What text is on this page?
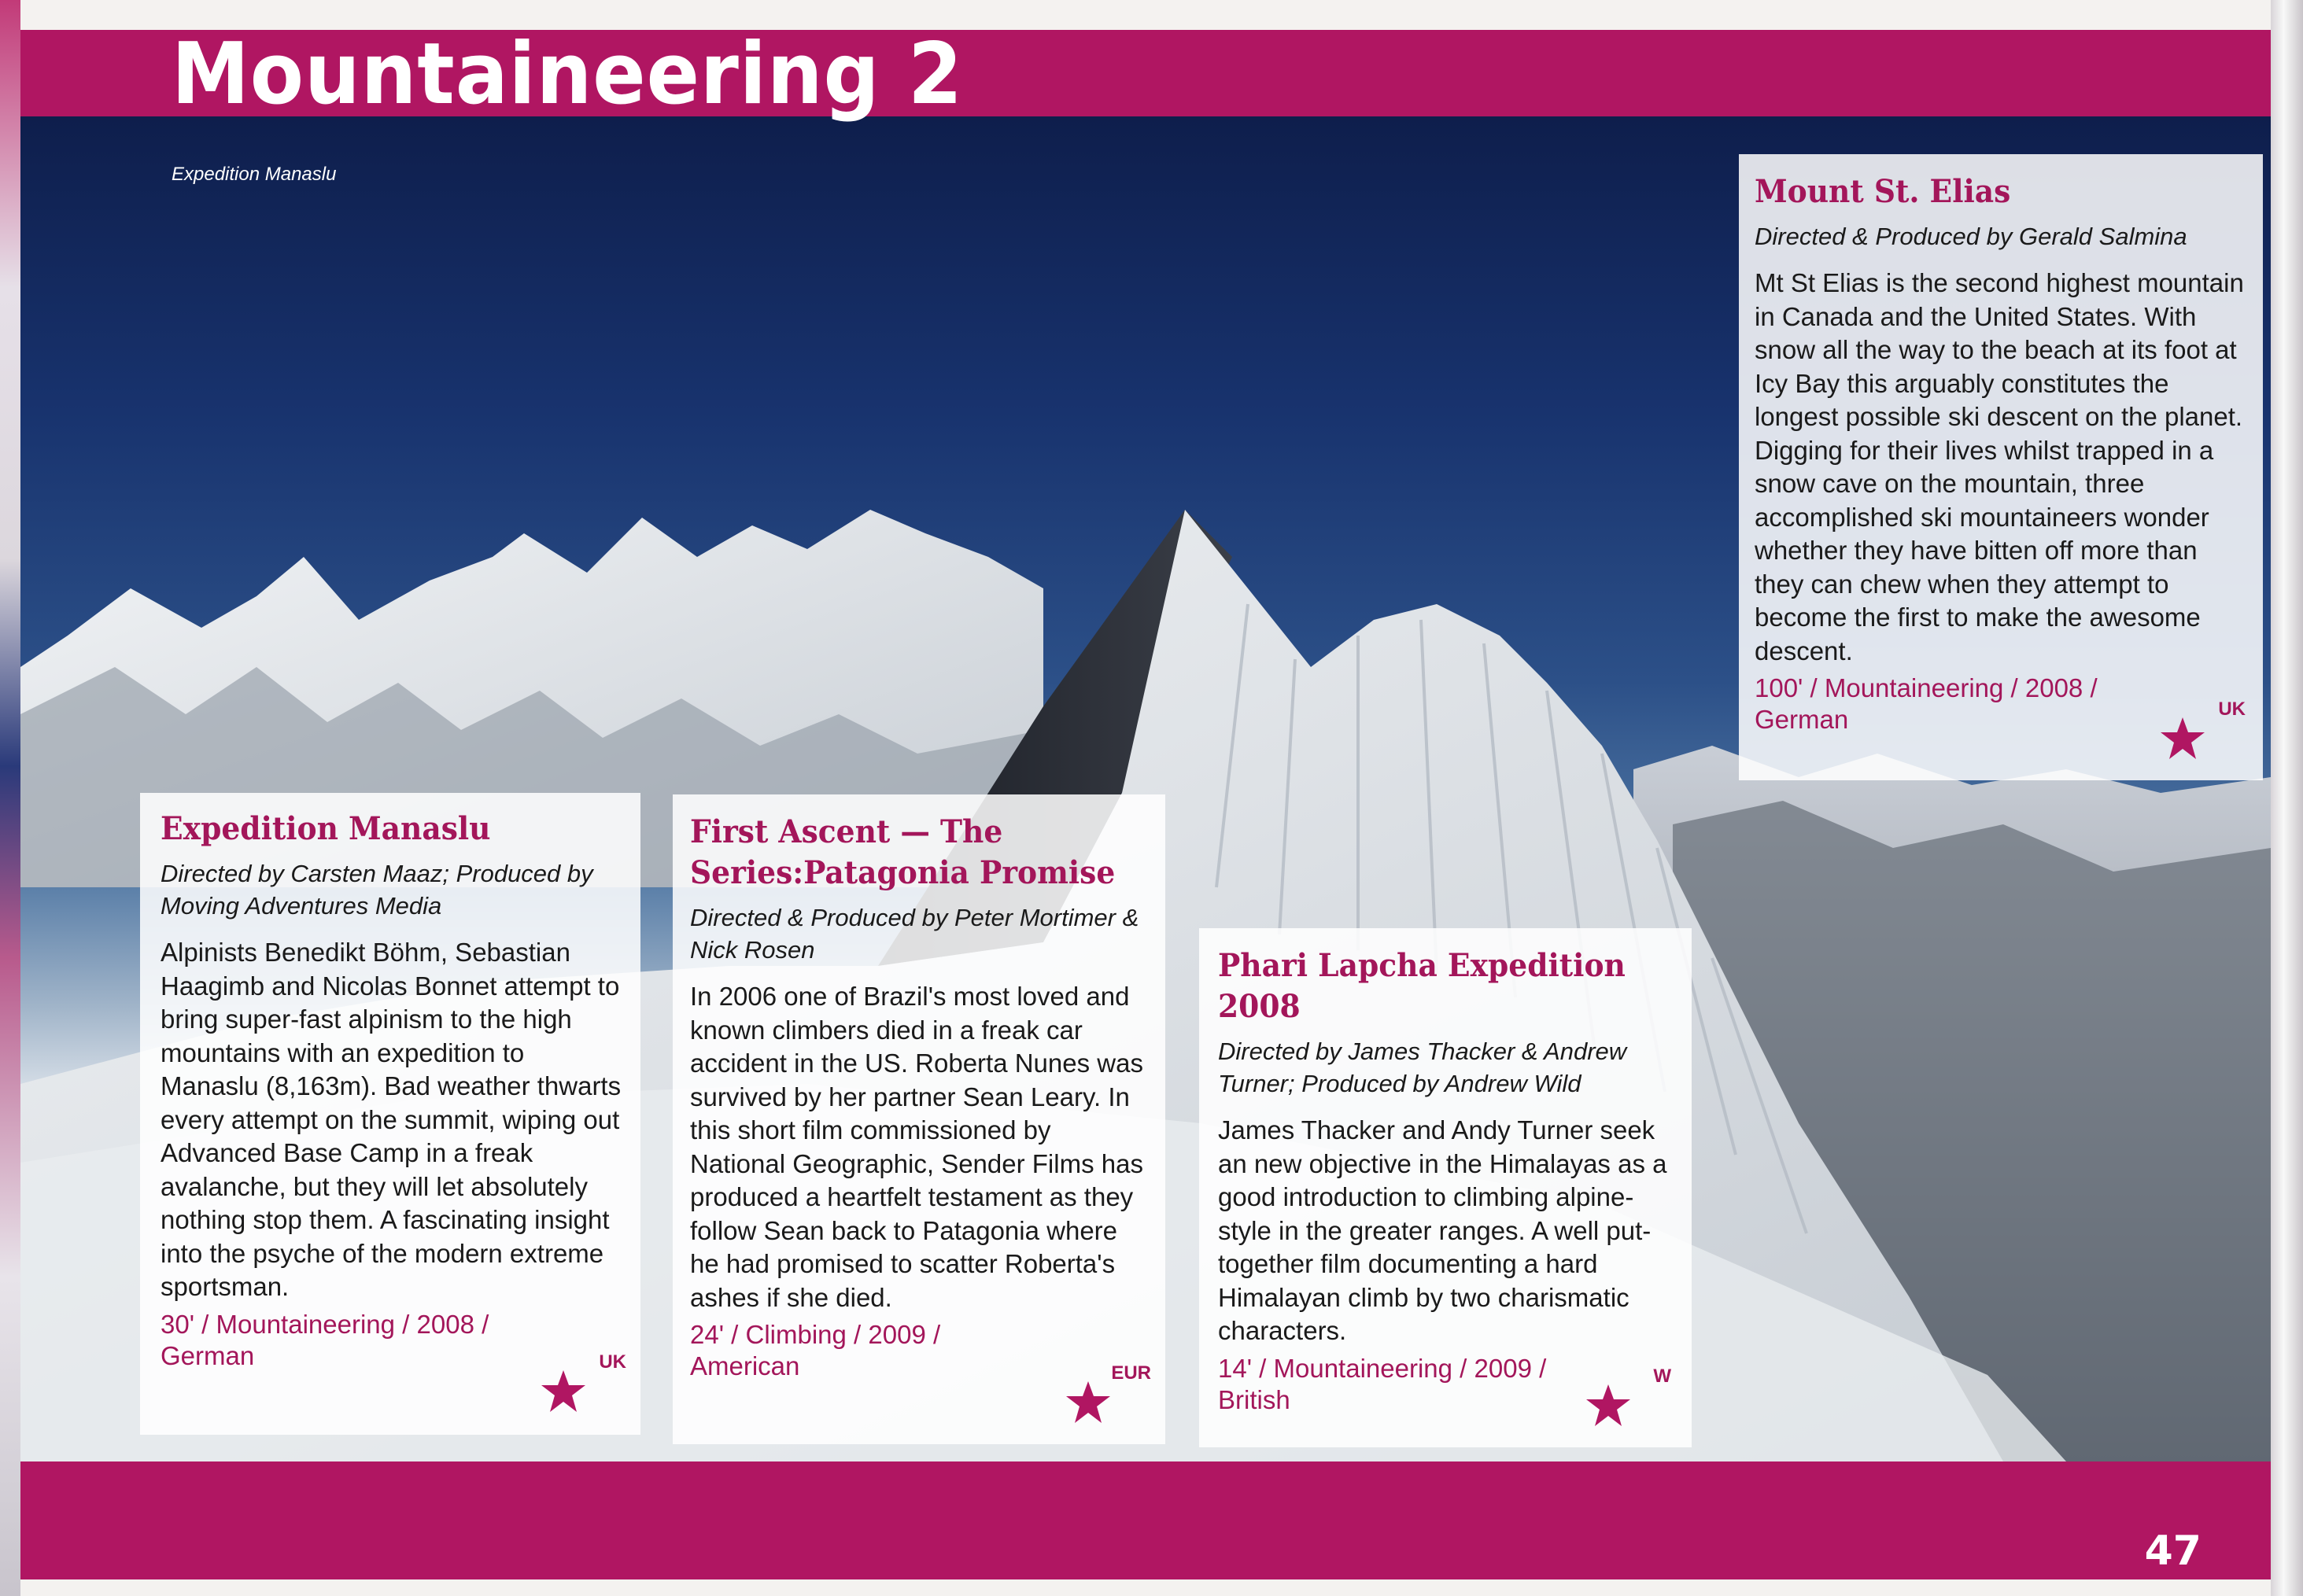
Expedition Manaslu
Mountaineering 2
47
Mount St. Elias
Directed & Produced by Gerald Salmina
Mt St Elias is the second highest mountain in Canada and the United States. With snow all the way to the beach at its foot at Icy Bay this arguably constitutes the longest possible ski descent on the planet. Digging for their lives whilst trapped in a snow cave on the mountain, three accomplished ski mountaineers wonder whether they have bitten off more than they can chew when they attempt to become the first to make the awesome descent.
100' / Mountaineering / 2008 / German	UK
Expedition Manaslu
Directed by Carsten Maaz; Produced by Moving Adventures Media
Alpinists Benedikt Böhm, Sebastian Haagimb and Nicolas Bonnet attempt to bring super-fast alpinism to the high mountains with an expedition to Manaslu (8,163m). Bad weather thwarts every attempt on the summit, wiping out Advanced Base Camp in a freak avalanche, but they will let absolutely nothing stop them. A fascinating insight into the psyche of the modern extreme sportsman.
30' / Mountaineering / 2008 / German	UK
First Ascent — The Series:Patagonia Promise
Directed & Produced by Peter Mortimer & Nick Rosen
In 2006 one of Brazil's most loved and known climbers died in a freak car accident in the US. Roberta Nunes was survived by her partner Sean Leary. In this short film commissioned by National Geographic, Sender Films has produced a heartfelt testament as they follow Sean back to Patagonia where he had promised to scatter Roberta's ashes if she died.
24' / Climbing / 2009 / American	EUR
Phari Lapcha Expedition 2008
Directed by James Thacker & Andrew Turner; Produced by Andrew Wild
James Thacker and Andy Turner seek an new objective in the Himalayas as a good introduction to climbing alpine-style in the greater ranges. A well put-together film documenting a hard Himalayan climb by two charismatic characters.
14' / Mountaineering / 2009 / British
W
